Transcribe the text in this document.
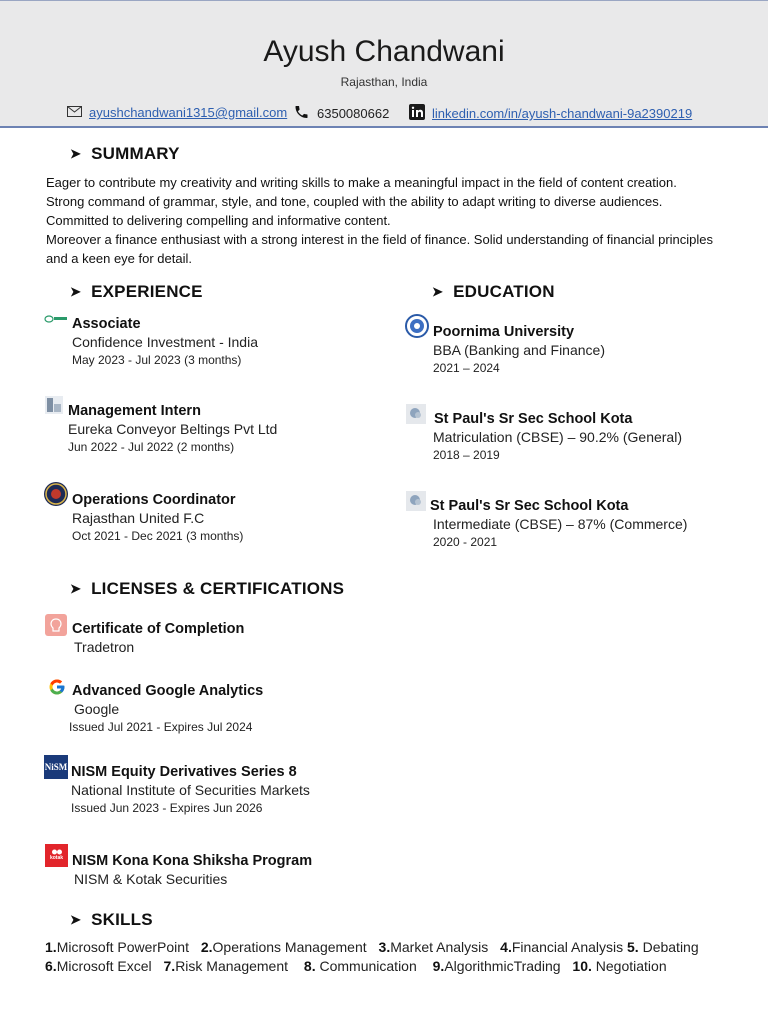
Ayush Chandwani
Rajasthan, India
ayushchandwani1315@gmail.com 6350080662	linkedin.com/in/ayush-chandwani-9a2390219
➤ SUMMARY

Eager to contribute my creativity and writing skills to make a meaningful impact in the field of content creation.

Strong command of grammar, style, and tone, coupled with the ability to adapt writing to diverse audiences.

Committed to delivering compelling and informative content.

Moreover a finance enthusiast with a strong interest in the field of finance. Solid understanding of financial principles and a keen eye for detail.

➤ EXPERIENCE
Associate
Confidence Investment - India
May 2023 - Jul 2023 (3 months)
Management Intern
Eureka Conveyor Beltings Pvt Ltd
Jun 2022 - Jul 2022 (2 months)
Operations Coordinator
Rajasthan United F.C
Oct 2021 - Dec 2021 (3 months)
➤ EDUCATION
Poornima University
BBA (Banking and Finance)
2021 – 2024
St Paul's Sr Sec School Kota
Matriculation (CBSE) – 90.2% (General)
2018 – 2019
St Paul's Sr Sec School Kota
Intermediate (CBSE) – 87% (Commerce)
2020 - 2021
➤ LICENSES & CERTIFICATIONS
Certificate of Completion
Tradetron
Advanced Google Analytics
Google
Issued Jul 2021 - Expires Jul 2024
NiSM NISM Equity Derivatives Series 8
National Institute of Securities Markets
Issued Jun 2023 - Expires Jun 2026
kotak NISM Kona Kona Shiksha Program
NISM & Kotak Securities
➤ SKILLS
1.Microsoft PowerPoint 2.Operations Management 3.Market Analysis 4.Financial Analysis 5. Debating
6.Microsoft Excel 7.Risk Management 8. Communication 9.AlgorithmicTrading 10. Negotiation
